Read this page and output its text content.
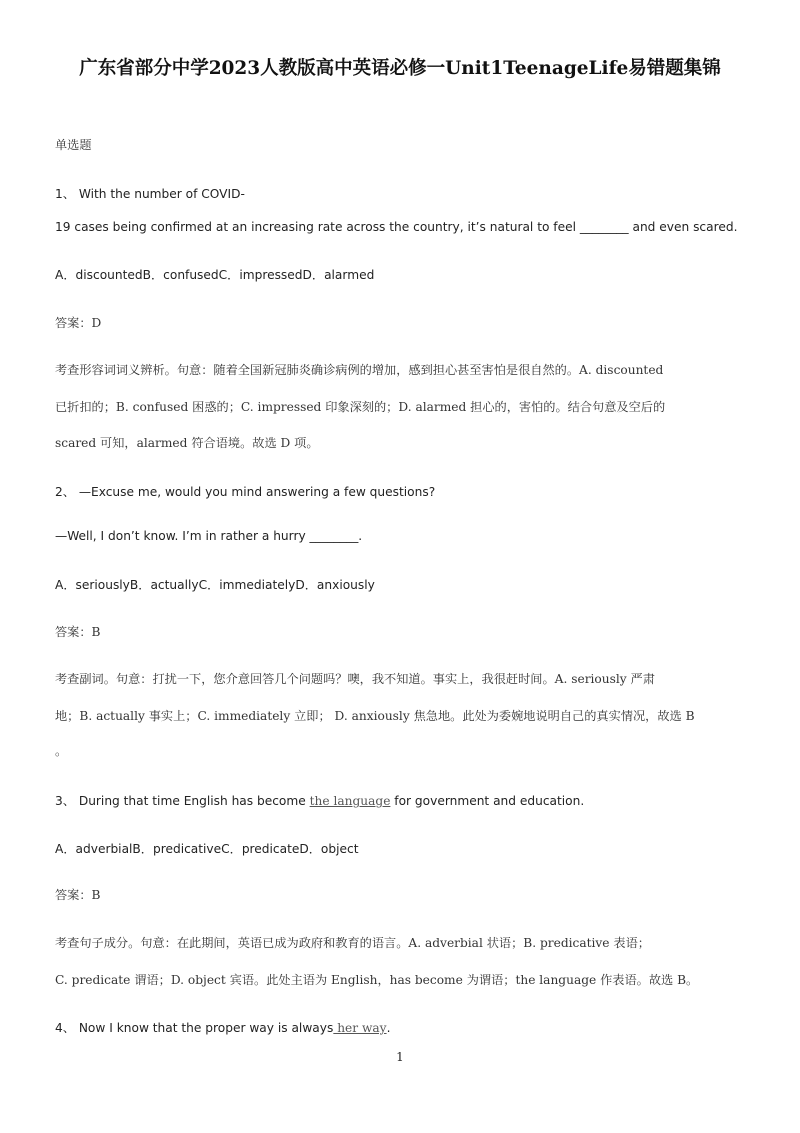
广东省部分中学2023人教版高中英语必修一Unit1TeenageLife易错题集锦
单选题
1、 With the number of COVID-
19 cases being confirmed at an increasing rate across the country, it’s natural to feel ________ and even scared.
A．discountedB．confusedC．impressedD．alarmed
答案：D
考查形容词词义辨析。句意：随着全国新冠肺炎确诊病例的增加，感到担心甚至害怕是很自然的。A. discounted
已折扣的；B. confused 困惑的；C. impressed 印象深刻的；D. alarmed 担心的，害怕的。结合句意及空后的
scared 可知，alarmed 符合语境。故选 D 项。
2、 —Excuse me, would you mind answering a few questions?
—Well, I don’t know. I’m in rather a hurry ________.
A．seriouslyB．actuallyC．immediatelyD．anxiously
答案：B
考查副词。句意：打扰一下，您介意回答几个问题吗？噢，我不知道。事实上，我很赶时间。A. seriously 严肃
地；B. actually 事实上；C. immediately 立即； D. anxiously 焦急地。此处为委婉地说明自己的真实情况，故选 B
。
3、 During that time English has become the language for government and education.
A．adverbialB．predicativeC．predicateD．object
答案：B
考查句子成分。句意：在此期间，英语已成为政府和教育的语言。A. adverbial 状语；B. predicative 表语；
C. predicate 谓语；D. object 宾语。此处主语为 English，has become 为谓语；the language 作表语。故选 B。
4、 Now I know that the proper way is always her way.
1
